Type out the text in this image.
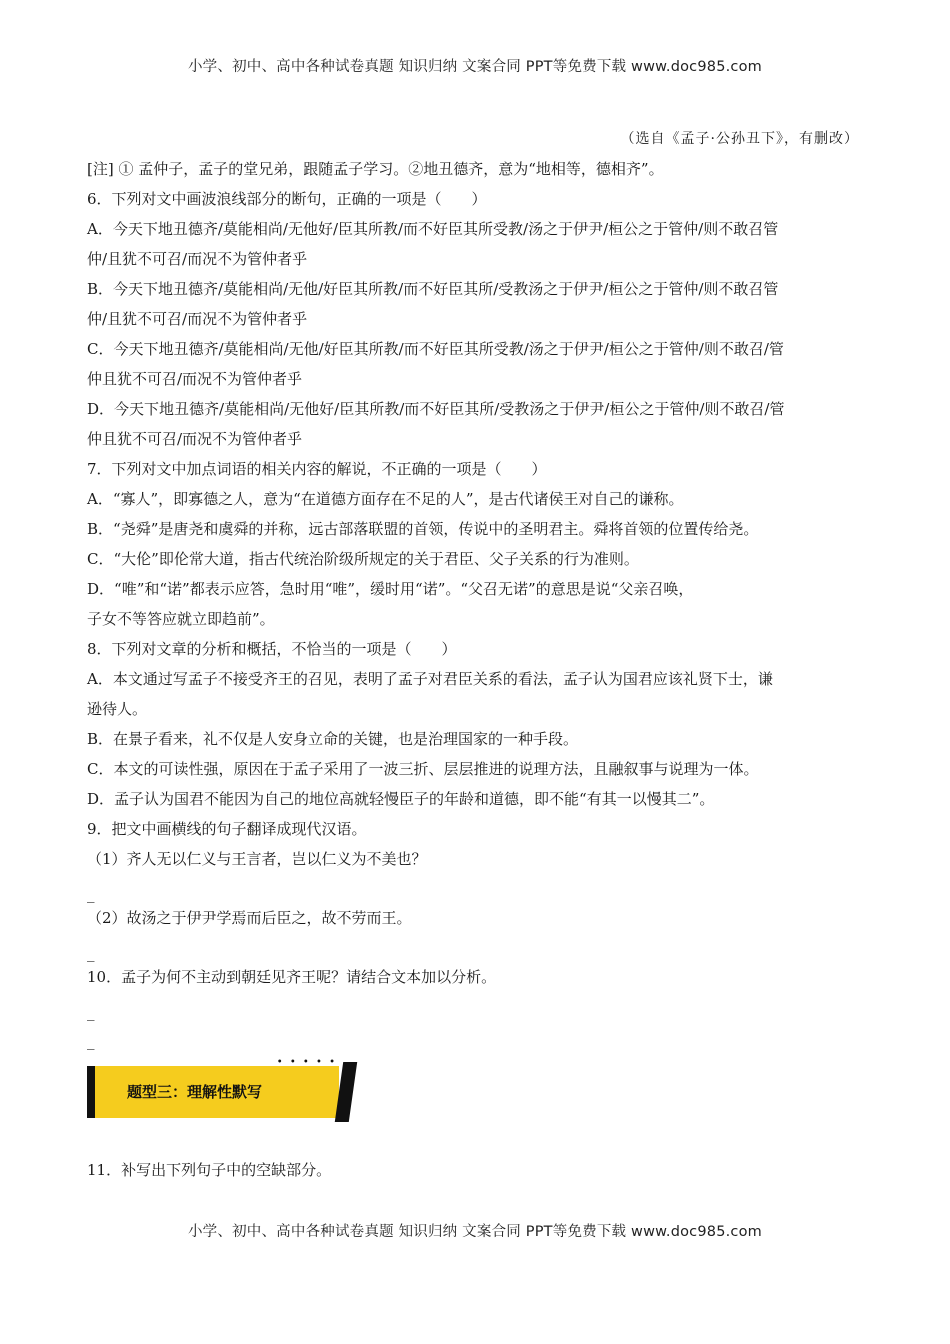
小学、初中、高中各种试卷真题 知识归纳 文案合同 PPT等免费下载 www.doc985.com

（选自《孟子·公孙丑下》，有删改）

[注] ① 孟仲子，孟子的堂兄弟，跟随孟子学习。②地丑德齐，意为“地相等，德相齐”。

6．下列对文中画波浪线部分的断句，正确的一项是（　　）

A．今天下地丑德齐/莫能相尚/无他好/臣其所教/而不好臣其所受教/汤之于伊尹/桓公之于管仲/则不敢召管

仲/且犹不可召/而况不为管仲者乎

B．今天下地丑德齐/莫能相尚/无他/好臣其所教/而不好臣其所/受教汤之于伊尹/桓公之于管仲/则不敢召管

仲/且犹不可召/而况不为管仲者乎

C．今天下地丑德齐/莫能相尚/无他/好臣其所教/而不好臣其所受教/汤之于伊尹/桓公之于管仲/则不敢召/管

仲且犹不可召/而况不为管仲者乎

D．今天下地丑德齐/莫能相尚/无他好/臣其所教/而不好臣其所/受教汤之于伊尹/桓公之于管仲/则不敢召/管

仲且犹不可召/而况不为管仲者乎

7．下列对文中加点词语的相关内容的解说，不正确的一项是（　　）

A．“寡人”，即寡德之人，意为“在道德方面存在不足的人”，是古代诸侯王对自己的谦称。

B．“尧舜”是唐尧和虞舜的并称，远古部落联盟的首领，传说中的圣明君主。舜将首领的位置传给尧。

C．“大伦”即伦常大道，指古代统治阶级所规定的关于君臣、父子关系的行为准则。

D．“唯”和“诺”都表示应答，急时用“唯”，缓时用“诺”。“父召无诺”的意思是说“父亲召唤，

子女不等答应就立即趋前”。

8．下列对文章的分析和概括，不恰当的一项是（　　）

A．本文通过写孟子不接受齐王的召见，表明了孟子对君臣关系的看法，孟子认为国君应该礼贤下士，谦

逊待人。

B．在景子看来，礼不仅是人安身立命的关键，也是治理国家的一种手段。

C．本文的可读性强，原因在于孟子采用了一波三折、层层推进的说理方法，且融叙事与说理为一体。

D．孟子认为国君不能因为自己的地位高就轻慢臣子的年龄和道德，即不能“有其一以慢其二”。

9．把文中画横线的句子翻译成现代汉语。

（1）齐人无以仁义与王言者，岂以仁义为不美也？

_

（2）故汤之于伊尹学焉而后臣之，故不劳而王。

_

10．孟子为何不主动到朝廷见齐王呢？请结合文本加以分析。

_

_

• • • • •
题型三：理解性默写

11．补写出下列句子中的空缺部分。

小学、初中、高中各种试卷真题 知识归纳 文案合同 PPT等免费下载 www.doc985.com
